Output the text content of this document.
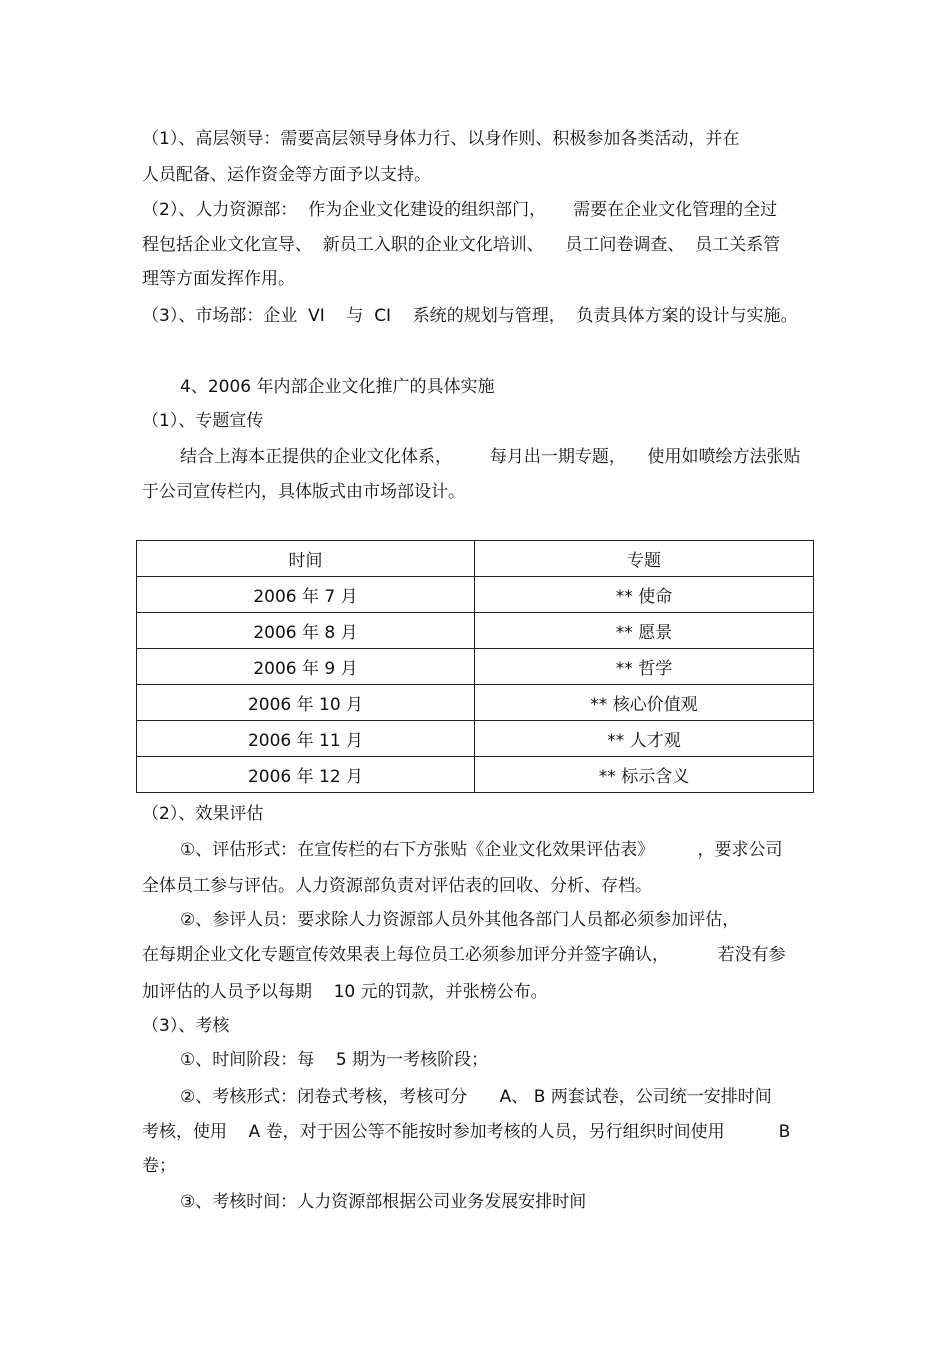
（1）、高层领导：需要高层领导身体力行、以身作则、积极参加各类活动，并在
人员配备、运作资金等方面予以支持。
（2）、人力资源部：  作为企业文化建设的组织部门，     需要在企业文化管理的全过
程包括企业文化宣导、  新员工入职的企业文化培训、    员工问卷调查、  员工关系管
理等方面发挥作用。
（3）、市场部：企业  VI    与  CI    系统的规划与管理，  负责具体方案的设计与实施。
4、2006 年内部企业文化推广的具体实施
（1）、专题宣传
结合上海本正提供的企业文化体系，       每月出一期专题，    使用如喷绘方法张贴
于公司宣传栏内，具体版式由市场部设计。
时间	专题
2006 年 7 月	** 使命
2006 年 8 月	** 愿景
2006 年 9 月	** 哲学
2006 年 10 月	** 核心价值观
2006 年 11 月	** 人才观
2006 年 12 月	** 标示含义
（2）、效果评估
①、评估形式：在宣传栏的右下方张贴《企业文化效果评估表》        ，要求公司
全体员工参与评估。人力资源部负责对评估表的回收、分析、存档。
②、参评人员：要求除人力资源部人员外其他各部门人员都必须参加评估，
在每期企业文化专题宣传效果表上每位员工必须参加评分并签字确认，         若没有参
加评估的人员予以每期    10 元的罚款，并张榜公布。
（3）、考核
①、时间阶段：每    5 期为一考核阶段；
②、考核形式：闭卷式考核，考核可分      A、 B 两套试卷，公司统一安排时间
考核，使用    A 卷，对于因公等不能按时参加考核的人员，另行组织时间使用          B
卷；
③、考核时间：人力资源部根据公司业务发展安排时间
